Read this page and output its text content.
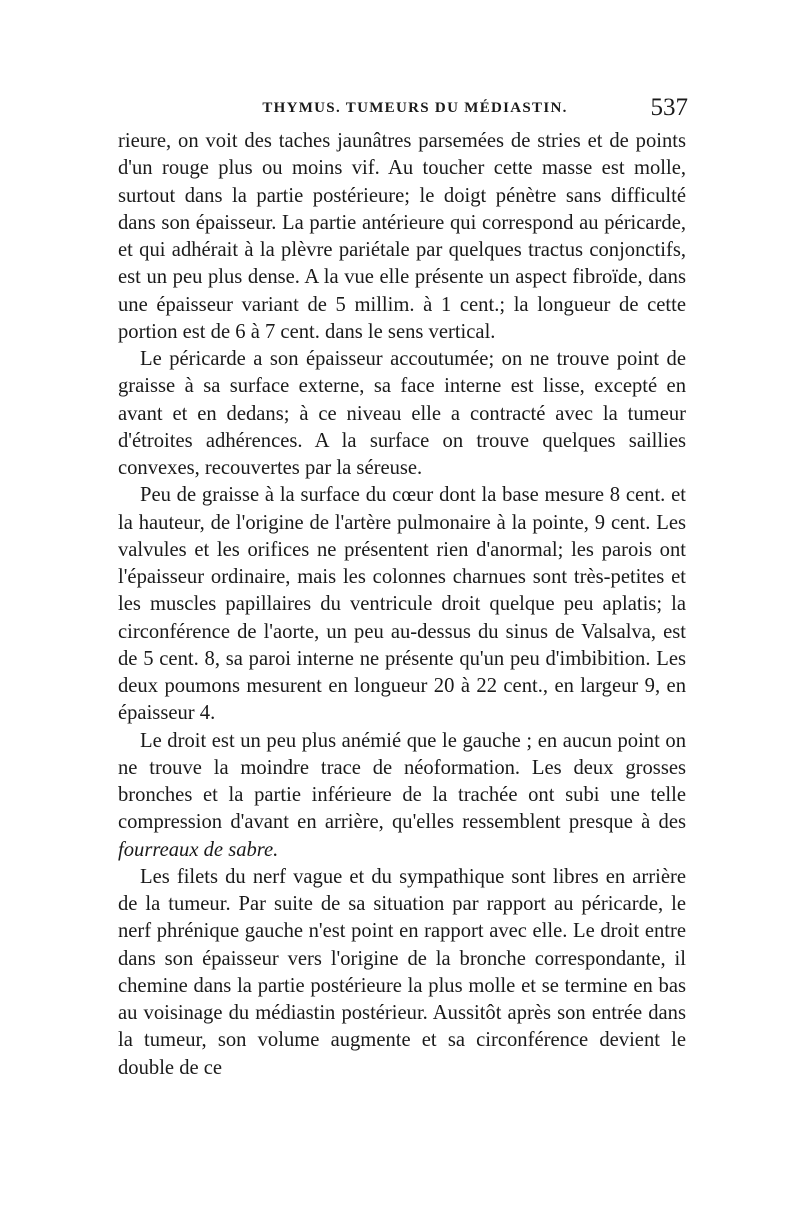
THYMUS. TUMEURS DU MÉDIASTIN.	537

rieure, on voit des taches jaunâtres parsemées de stries et de points d'un rouge plus ou moins vif. Au toucher cette masse est molle, surtout dans la partie postérieure; le doigt pénètre sans difficulté dans son épaisseur. La partie antérieure qui correspond au péricarde, et qui adhérait à la plèvre pariétale par quelques tractus conjonctifs, est un peu plus dense. A la vue elle présente un aspect fibroïde, dans une épaisseur variant de 5 millim. à 1 cent.; la longueur de cette portion est de 6 à 7 cent. dans le sens vertical.

Le péricarde a son épaisseur accoutumée; on ne trouve point de graisse à sa surface externe, sa face interne est lisse, excepté en avant et en dedans; à ce niveau elle a contracté avec la tumeur d'étroites adhérences. A la surface on trouve quelques saillies convexes, recouvertes par la séreuse.

Peu de graisse à la surface du cœur dont la base mesure 8 cent. et la hauteur, de l'origine de l'artère pulmonaire à la pointe, 9 cent. Les valvules et les orifices ne présentent rien d'anormal; les parois ont l'épaisseur ordinaire, mais les colonnes charnues sont très-petites et les muscles papillaires du ventricule droit quelque peu aplatis; la circonférence de l'aorte, un peu au-dessus du sinus de Valsalva, est de 5 cent. 8, sa paroi interne ne présente qu'un peu d'imbibition. Les deux poumons mesurent en longueur 20 à 22 cent., en largeur 9, en épaisseur 4.

Le droit est un peu plus anémié que le gauche ; en aucun point on ne trouve la moindre trace de néoformation. Les deux grosses bronches et la partie inférieure de la trachée ont subi une telle compression d'avant en arrière, qu'elles ressemblent presque à des fourreaux de sabre.

Les filets du nerf vague et du sympathique sont libres en arrière de la tumeur. Par suite de sa situation par rapport au péricarde, le nerf phrénique gauche n'est point en rapport avec elle. Le droit entre dans son épaisseur vers l'origine de la bronche correspondante, il chemine dans la partie postérieure la plus molle et se termine en bas au voisinage du médiastin postérieur. Aussitôt après son entrée dans la tumeur, son volume augmente et sa circonférence devient le double de ce
